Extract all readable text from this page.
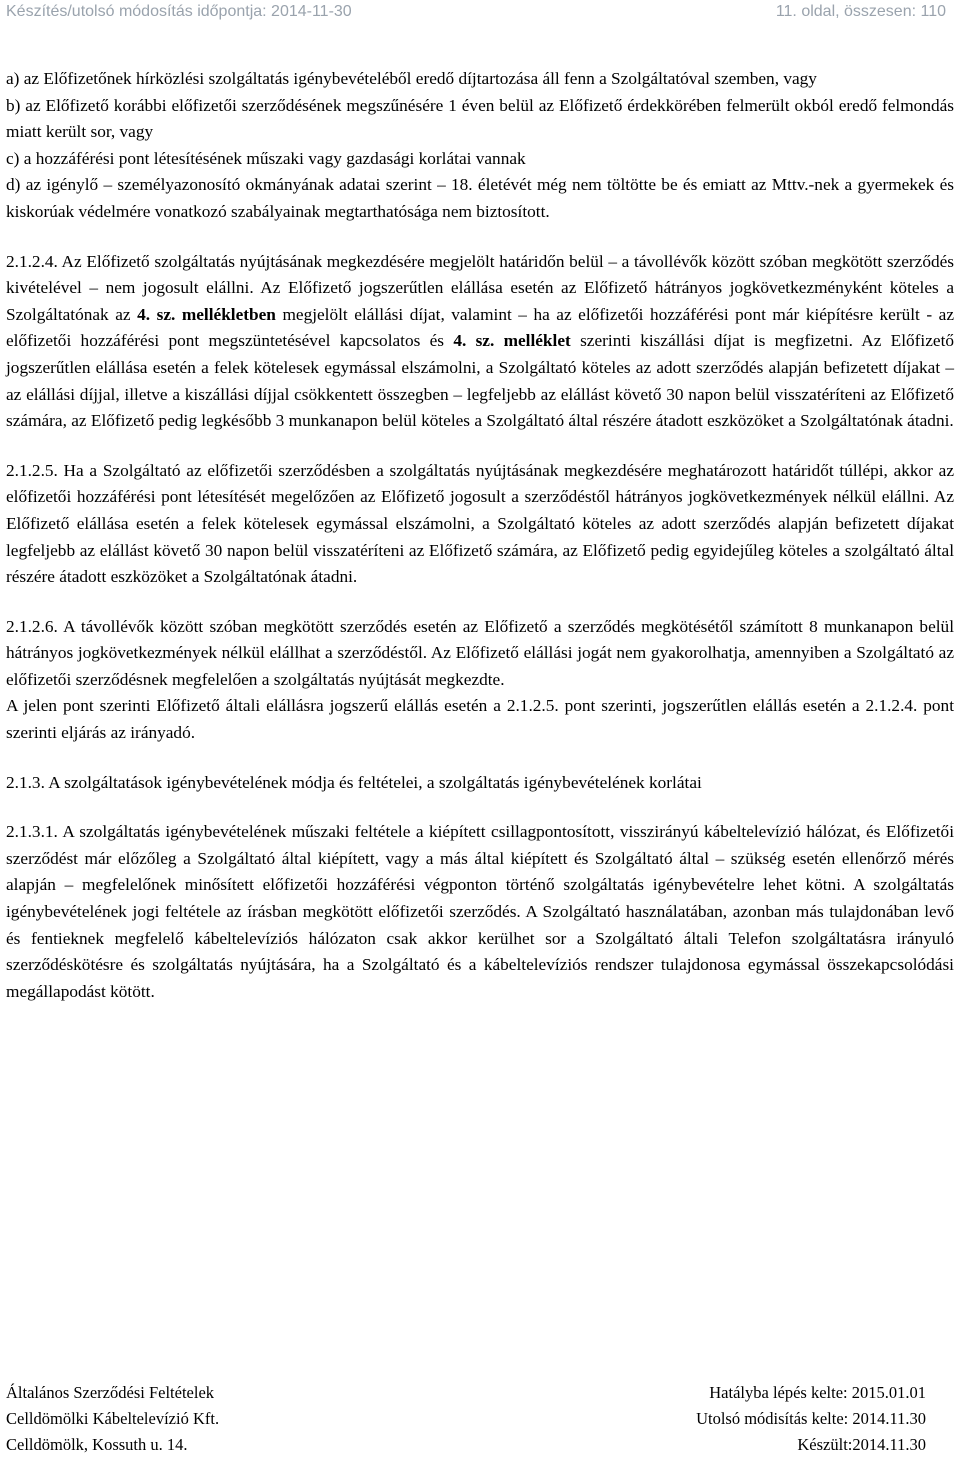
Készítés/utolsó módosítás időpontja: 2014-11-30	11. oldal, összesen: 110

a) az Előfizetőnek hírközlési szolgáltatás igénybevételéből eredő díjtartozása áll fenn a Szolgáltatóval szemben, vagy

b) az Előfizető korábbi előfizetői szerződésének megszűnésére 1 éven belül az Előfizető érdekkörében felmerült okból eredő felmondás miatt került sor, vagy

c) a hozzáférési pont létesítésének műszaki vagy gazdasági korlátai vannak

d) az igénylő – személyazonosító okmányának adatai szerint – 18. életévét még nem töltötte be és emiatt az Mttv.-nek a gyermekek és kiskorúak védelmére vonatkozó szabályainak megtarthatósága nem biztosított.

2.1.2.4. Az Előfizető szolgáltatás nyújtásának megkezdésére megjelölt határidőn belül – a távollévők között szóban megkötött szerződés kivételével – nem jogosult elállni. Az Előfizető jogszerűtlen elállása esetén az Előfizető hátrányos jogkövetkezményként köteles a Szolgáltatónak az 4. sz. mellékletben megjelölt elállási díjat, valamint – ha az előfizetői hozzáférési pont már kiépítésre került - az előfizetői hozzáférési pont megszüntetésével kapcsolatos és 4. sz. melléklet szerinti kiszállási díjat is megfizetni. Az Előfizető jogszerűtlen elállása esetén a felek kötelesek egymással elszámolni, a Szolgáltató köteles az adott szerződés alapján befizetett díjakat – az elállási díjjal, illetve a kiszállási díjjal csökkentett összegben – legfeljebb az elállást követő 30 napon belül visszatéríteni az Előfizető számára, az Előfizető pedig legkésőbb 3 munkanapon belül köteles a Szolgáltató által részére átadott eszközöket a Szolgáltatónak átadni.

2.1.2.5. Ha a Szolgáltató az előfizetői szerződésben a szolgáltatás nyújtásának megkezdésére meghatározott határidőt túllépi, akkor az előfizetői hozzáférési pont létesítését megelőzően az Előfizető jogosult a szerződéstől hátrányos jogkövetkezmények nélkül elállni. Az Előfizető elállása esetén a felek kötelesek egymással elszámolni, a Szolgáltató köteles az adott szerződés alapján befizetett díjakat legfeljebb az elállást követő 30 napon belül visszatéríteni az Előfizető számára, az Előfizető pedig egyidejűleg köteles a szolgáltató által részére átadott eszközöket a Szolgáltatónak átadni.

2.1.2.6. A távollévők között szóban megkötött szerződés esetén az Előfizető a szerződés megkötésétől számított 8 munkanapon belül hátrányos jogkövetkezmények nélkül elállhat a szerződéstől. Az Előfizető elállási jogát nem gyakorolhatja, amennyiben a Szolgáltató az előfizetői szerződésnek megfelelően a szolgáltatás nyújtását megkezdte.

A jelen pont szerinti Előfizető általi elállásra jogszerű elállás esetén a 2.1.2.5. pont szerinti, jogszerűtlen elállás esetén a 2.1.2.4. pont szerinti eljárás az irányadó.

2.1.3. A szolgáltatások igénybevételének módja és feltételei, a szolgáltatás igénybevételének korlátai

2.1.3.1. A szolgáltatás igénybevételének műszaki feltétele a kiépített csillagpontosított, visszirányú kábeltelevízió hálózat, és Előfizetői szerződést már előzőleg a Szolgáltató által kiépített, vagy a más által kiépített és Szolgáltató által – szükség esetén ellenőrző mérés alapján – megfelelőnek minősített előfizetői hozzáférési végponton történő szolgáltatás igénybevételre lehet kötni. A szolgáltatás igénybevételének jogi feltétele az írásban megkötött előfizetői szerződés. A Szolgáltató használatában, azonban más tulajdonában levő és fentieknek megfelelő kábeltelevíziós hálózaton csak akkor kerülhet sor a Szolgáltató általi Telefon szolgáltatásra irányuló szerződéskötésre és szolgáltatás nyújtására, ha a Szolgáltató és a kábeltelevíziós rendszer tulajdonosa egymással összekapcsolódási megállapodást kötött.

Általános Szerződési Feltételek	Hatályba lépés kelte: 2015.01.01
Celldömölki Kábeltelevízió Kft.	Utolsó módisítás kelte: 2014.11.30
Celldömölk, Kossuth u. 14.	Készült:2014.11.30
